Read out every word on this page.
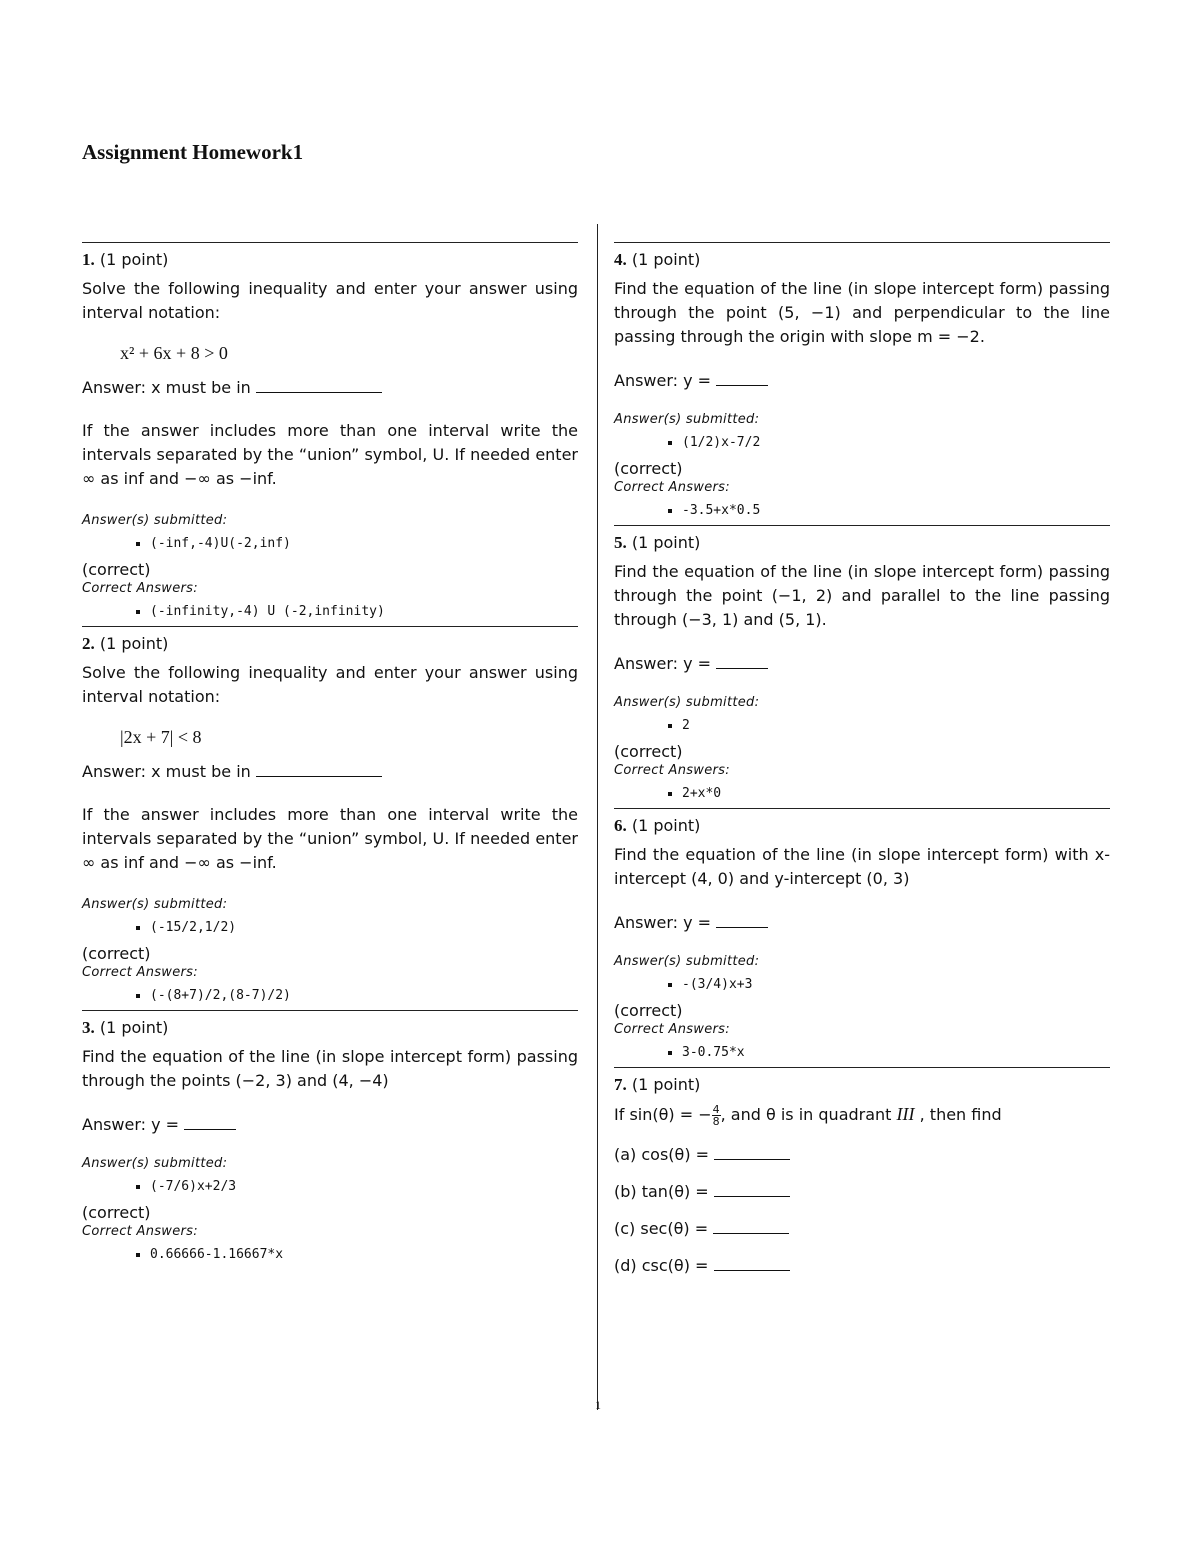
Assignment Homework1
1. (1 point)
Solve the following inequality and enter your answer using interval notation:
x² + 6x + 8 > 0
Answer: x must be in
If the answer includes more than one interval write the intervals separated by the “union” symbol, U. If needed enter ∞ as inf and −∞ as −inf.
Answer(s) submitted:
▪ (-inf,-4)U(-2,inf)
(correct)
Correct Answers:
▪ (-infinity,-4) U (-2,infinity)
2. (1 point)
Solve the following inequality and enter your answer using interval notation:
|2x + 7| < 8
Answer: x must be in
If the answer includes more than one interval write the intervals separated by the “union” symbol, U. If needed enter ∞ as inf and −∞ as −inf.
Answer(s) submitted:
▪ (-15/2,1/2)
(correct)
Correct Answers:
▪ (-(8+7)/2,(8-7)/2)
3. (1 point)
Find the equation of the line (in slope intercept form) passing through the points (−2, 3) and (4, −4)
Answer: y =
Answer(s) submitted:
▪ (-7/6)x+2/3
(correct)
Correct Answers:
▪ 0.66666-1.16667*x
4. (1 point)
Find the equation of the line (in slope intercept form) passing through the point (5, −1) and perpendicular to the line passing through the origin with slope m = −2.
Answer: y =
Answer(s) submitted:
▪ (1/2)x-7/2
(correct)
Correct Answers:
▪ -3.5+x*0.5
5. (1 point)
Find the equation of the line (in slope intercept form) passing through the point (−1, 2) and parallel to the line passing through (−3, 1) and (5, 1).
Answer: y =
Answer(s) submitted:
▪ 2
(correct)
Correct Answers:
▪ 2+x*0
6. (1 point)
Find the equation of the line (in slope intercept form) with x-intercept (4, 0) and y-intercept (0, 3)
Answer: y =
Answer(s) submitted:
▪ -(3/4)x+3
(correct)
Correct Answers:
▪ 3-0.75*x
7. (1 point)
If sin(θ) = − $\frac{4}{8}$ , and θ is in quadrant III , then find
(a) cos(θ) =
(b) tan(θ) =
(c) sec(θ) =
(d) csc(θ) =
1
